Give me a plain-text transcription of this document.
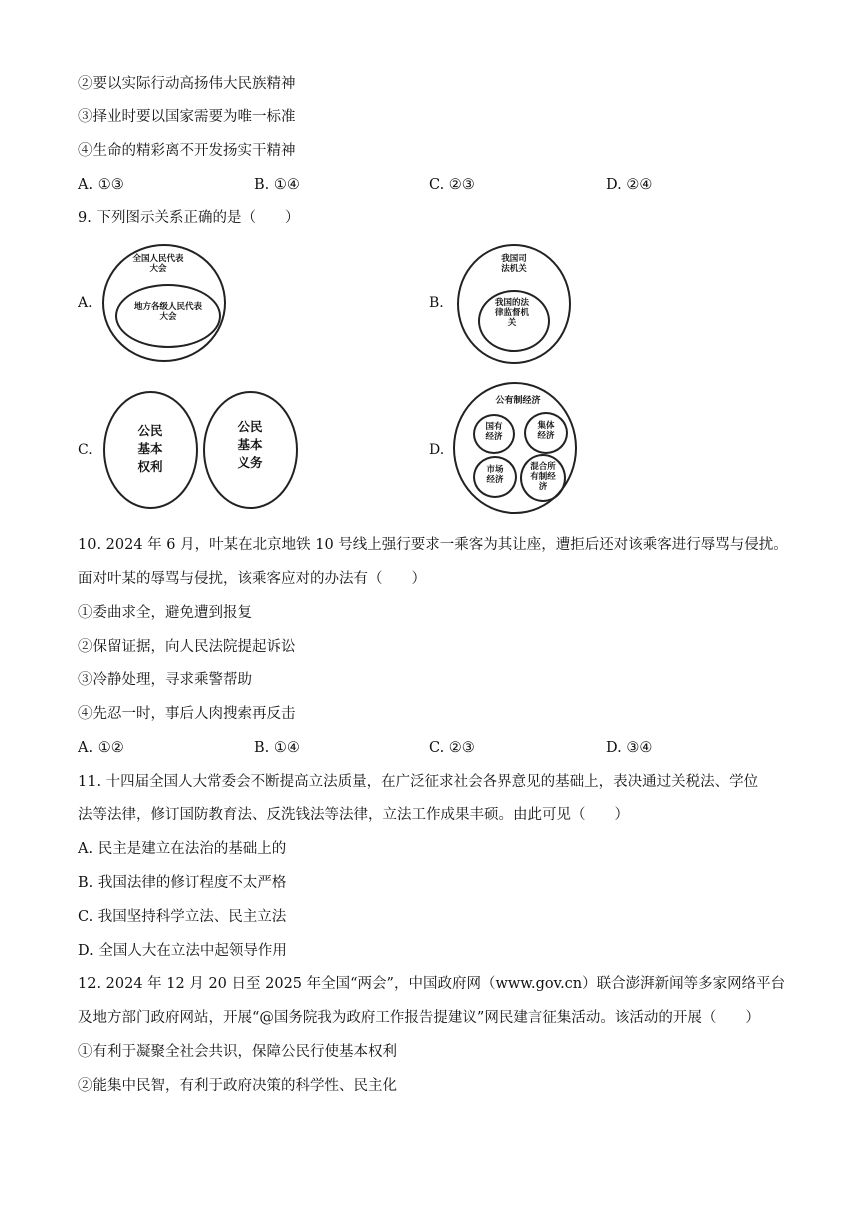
②要以实际行动高扬伟大民族精神
③择业时要以国家需要为唯一标准
④生命的精彩离不开发扬实干精神
A. ①③	B. ①④	C. ②③	D. ②④
9. 下列图示关系正确的是（　　）
A.
全国人民代表大会
地方各级人民代表大会
B.
我国司法机关
我国的法律监督机关
C.
公民基本权利
公民基本义务
D.
公有制经济
国有经济
集体经济
市场经济
混合所有制经济
10. 2024 年 6 月，叶某在北京地铁 10 号线上强行要求一乘客为其让座，遭拒后还对该乘客进行辱骂与侵扰。
面对叶某的辱骂与侵扰，该乘客应对的办法有（　　）
①委曲求全，避免遭到报复
②保留证据，向人民法院提起诉讼
③冷静处理，寻求乘警帮助
④先忍一时，事后人肉搜索再反击
A. ①②	B. ①④	C. ②③	D. ③④
11. 十四届全国人大常委会不断提高立法质量，在广泛征求社会各界意见的基础上，表决通过关税法、学位
法等法律，修订国防教育法、反洗钱法等法律，立法工作成果丰硕。由此可见（　　）
A. 民主是建立在法治的基础上的
B. 我国法律的修订程度不太严格
C. 我国坚持科学立法、民主立法
D. 全国人大在立法中起领导作用
12. 2024 年 12 月 20 日至 2025 年全国“两会”，中国政府网（www.gov.cn）联合澎湃新闻等多家网络平台
及地方部门政府网站，开展“@国务院我为政府工作报告提建议”网民建言征集活动。该活动的开展（　　）
①有利于凝聚全社会共识，保障公民行使基本权利
②能集中民智，有利于政府决策的科学性、民主化
